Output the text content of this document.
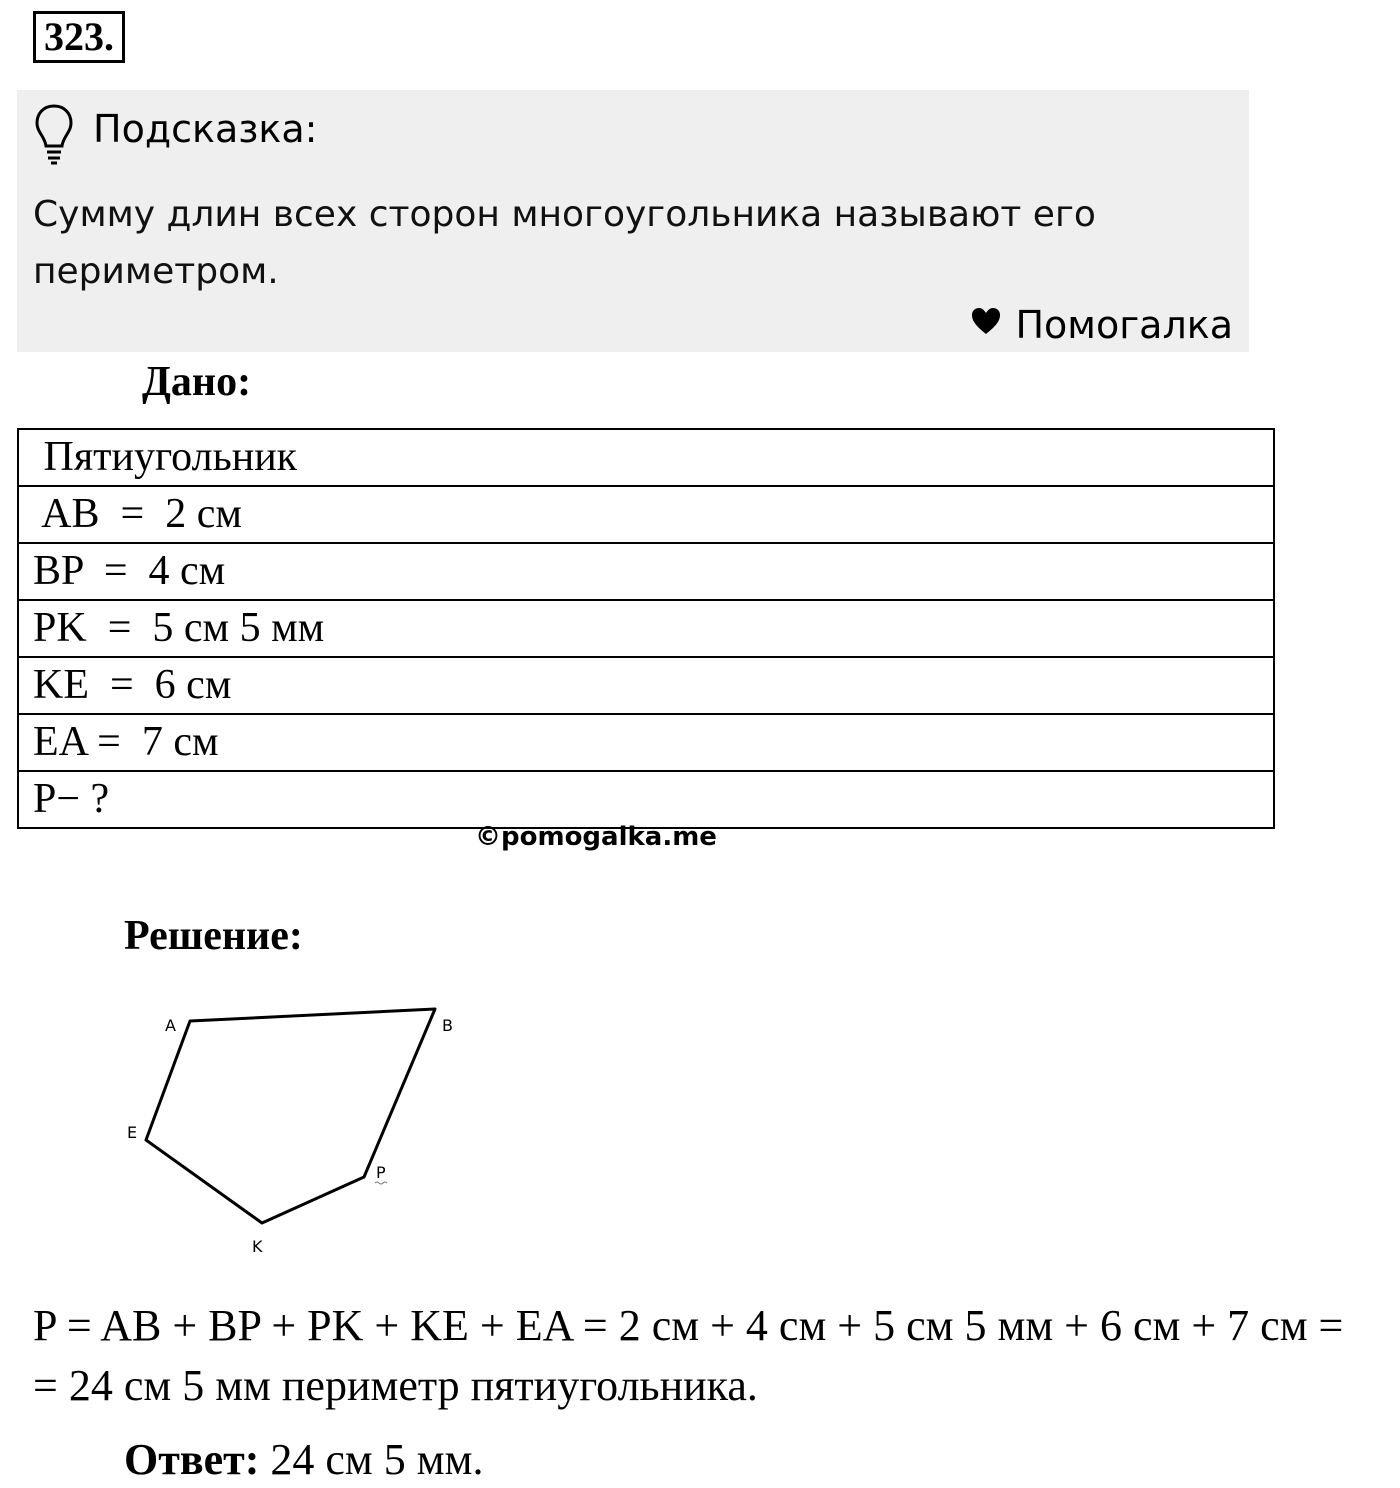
323.
Подсказка:
Сумму длин всех сторон многоугольника называют его периметром.
Помогалка
Дано:
Пятиугольник
AB  =  2 см
BP  =  4 см
PK  =  5 см 5 мм
KE  =  6 см
EA =  7 см
P− ?
©pomogalka.me
Решение:
A	B
P
K
E
P = AB + BP + PK + KE + EA = 2 см + 4 см + 5 см 5 мм + 6 см + 7 см = = 24 см 5 мм периметр пятиугольника.
Ответ: 24 см 5 мм.
